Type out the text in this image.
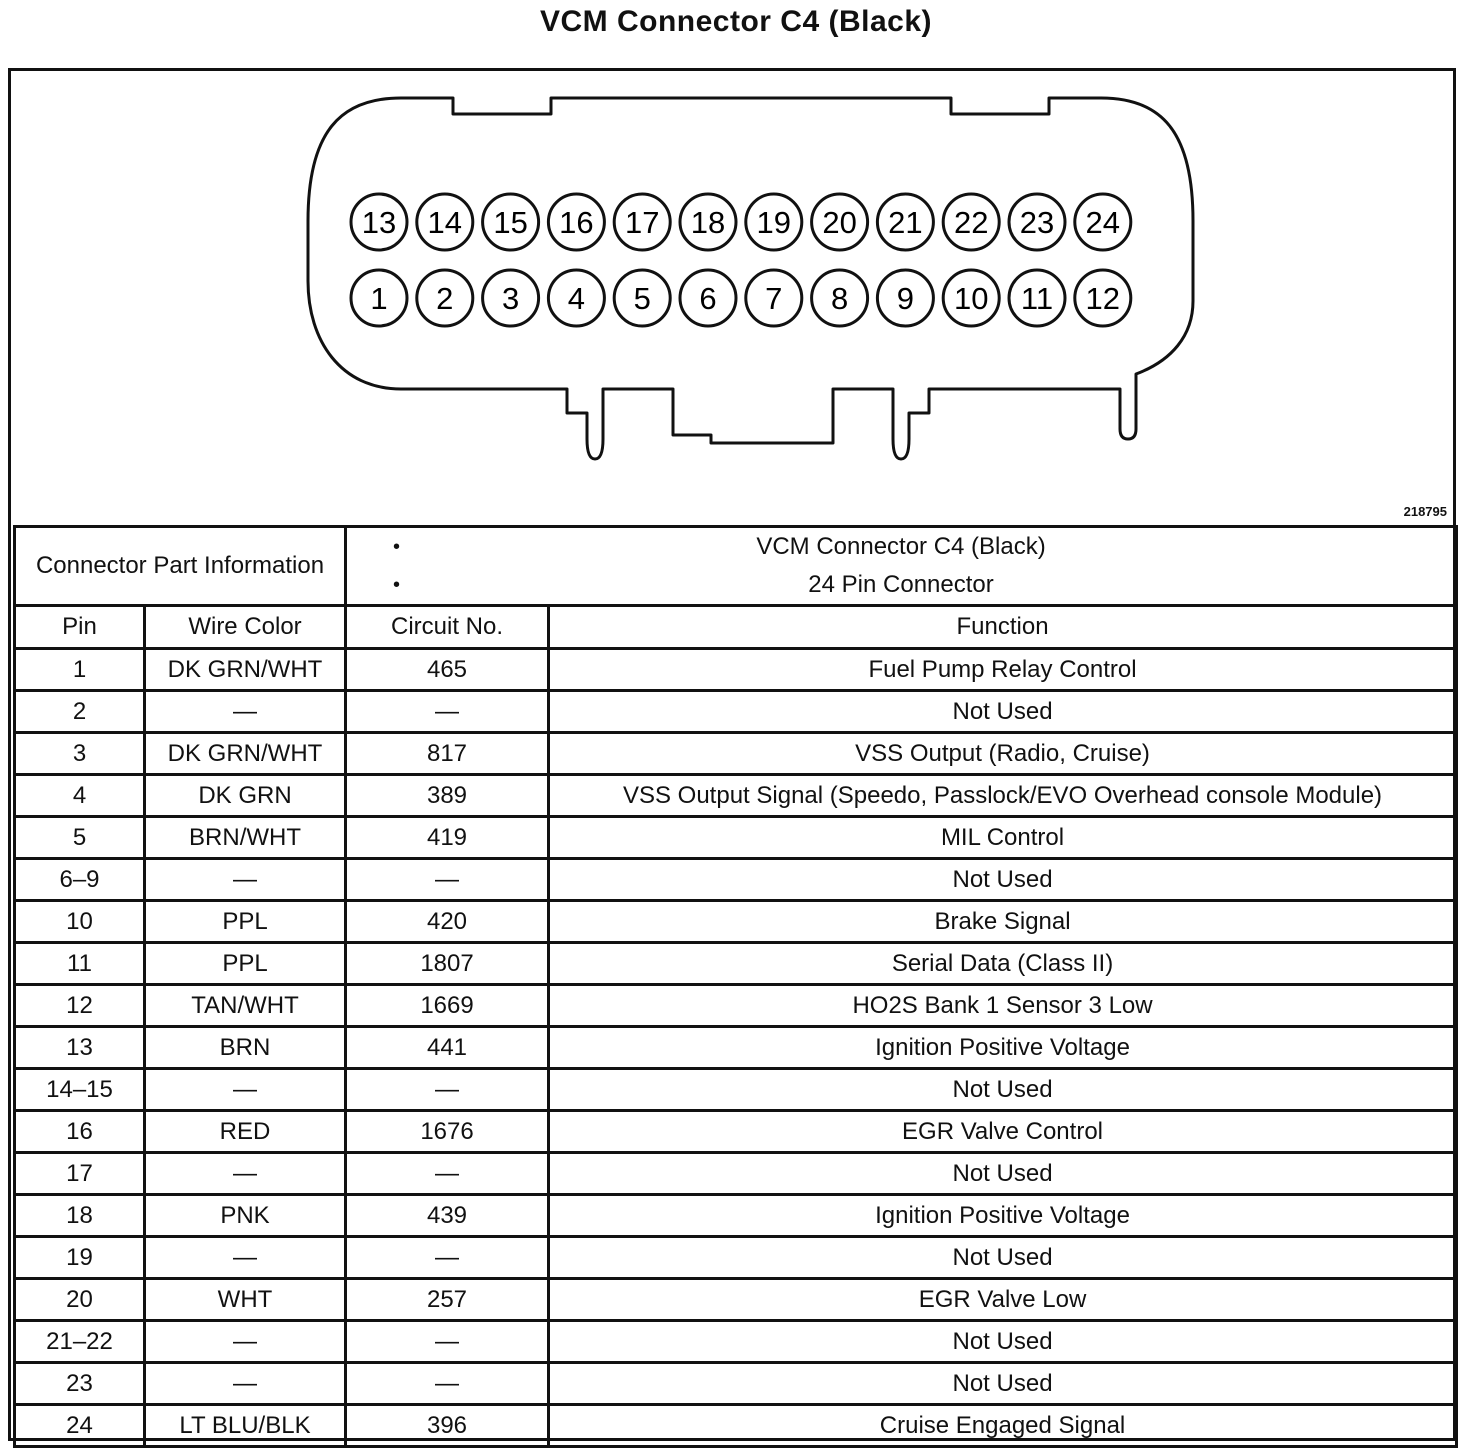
VCM Connector C4 (Black)
13 14 15 16 17 18 19 20 21 22 23 24
1 2 3 4 5 6 7 8 9 10 11 12
218795
Connector Part Information		• VCM Connector C4 (Black)
• 24 Pin Connector	

Pin	Wire Color	Circuit No.	Function
1	DK GRN/WHT	465	Fuel Pump Relay Control
2	—	—	Not Used
3	DK GRN/WHT	817	VSS Output (Radio, Cruise)
4	DK GRN	389	VSS Output Signal (Speedo, Passlock/EVO Overhead console Module)
5	BRN/WHT	419	MIL Control
6–9	—	—	Not Used
10	PPL	420	Brake Signal
11	PPL	1807	Serial Data (Class II)
12	TAN/WHT	1669	HO2S Bank 1 Sensor 3 Low
13	BRN	441	Ignition Positive Voltage
14–15	—	—	Not Used
16	RED	1676	EGR Valve Control
17	—	—	Not Used
18	PNK	439	Ignition Positive Voltage
19	—	—	Not Used
20	WHT	257	EGR Valve Low
21–22	—	—	Not Used
23	—	—	Not Used
24	LT BLU/BLK	396	Cruise Engaged Signal
